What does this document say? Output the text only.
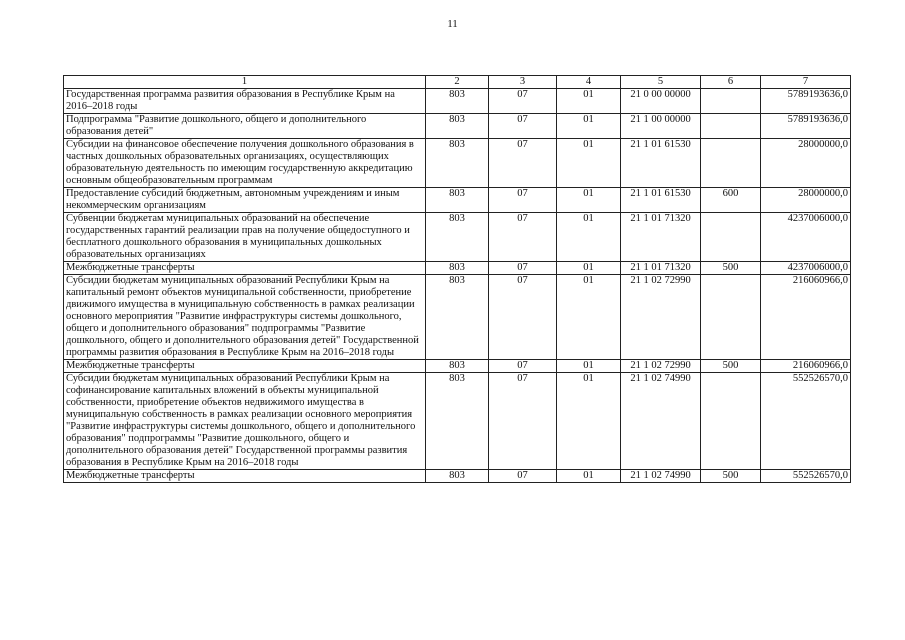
11
1	2	3	4	5	6	7
Государственная программа развития образования в Республике Крым на 2016–2018 годы	803	07	01	21 0 00 00000		5789193636,0
Подпрограмма "Развитие дошкольного, общего и дополнительного образования детей"	803	07	01	21 1 00 00000		5789193636,0
Субсидии на финансовое обеспечение получения дошкольного образования в частных дошкольных образовательных организациях, осуществляющих образовательную деятельность по имеющим государственную аккредитацию основным общеобразовательным программам	803	07	01	21 1 01 61530		28000000,0
Предоставление субсидий бюджетным, автономным учреждениям и иным некоммерческим организациям	803	07	01	21 1 01 61530	600	28000000,0
Субвенции бюджетам муниципальных образований на обеспечение государственных гарантий реализации прав на получение общедоступного и бесплатного дошкольного образования в муниципальных дошкольных образовательных организациях	803	07	01	21 1 01 71320		4237006000,0
Межбюджетные трансферты	803	07	01	21 1 01 71320	500	4237006000,0
Субсидии бюджетам муниципальных образований Республики Крым на капитальный ремонт объектов муниципальной собственности, приобретение движимого имущества в муниципальную собственность в рамках реализации основного мероприятия "Развитие инфраструктуры системы дошкольного, общего и дополнительного образования" подпрограммы "Развитие дошкольного, общего и дополнительного образования детей" Государственной программы развития образования в Республике Крым на 2016–2018 годы	803	07	01	21 1 02 72990		216060966,0
Межбюджетные трансферты	803	07	01	21 1 02 72990	500	216060966,0
Субсидии бюджетам муниципальных образований Республики Крым на софинансирование капитальных вложений в объекты муниципальной собственности, приобретение объектов недвижимого имущества в муниципальную собственность в рамках реализации основного мероприятия "Развитие инфраструктуры системы дошкольного, общего и дополнительного образования" подпрограммы "Развитие дошкольного, общего и дополнительного образования детей" Государственной программы развития образования в Республике Крым на 2016–2018 годы	803	07	01	21 1 02 74990		552526570,0
Межбюджетные трансферты	803	07	01	21 1 02 74990	500	552526570,0
